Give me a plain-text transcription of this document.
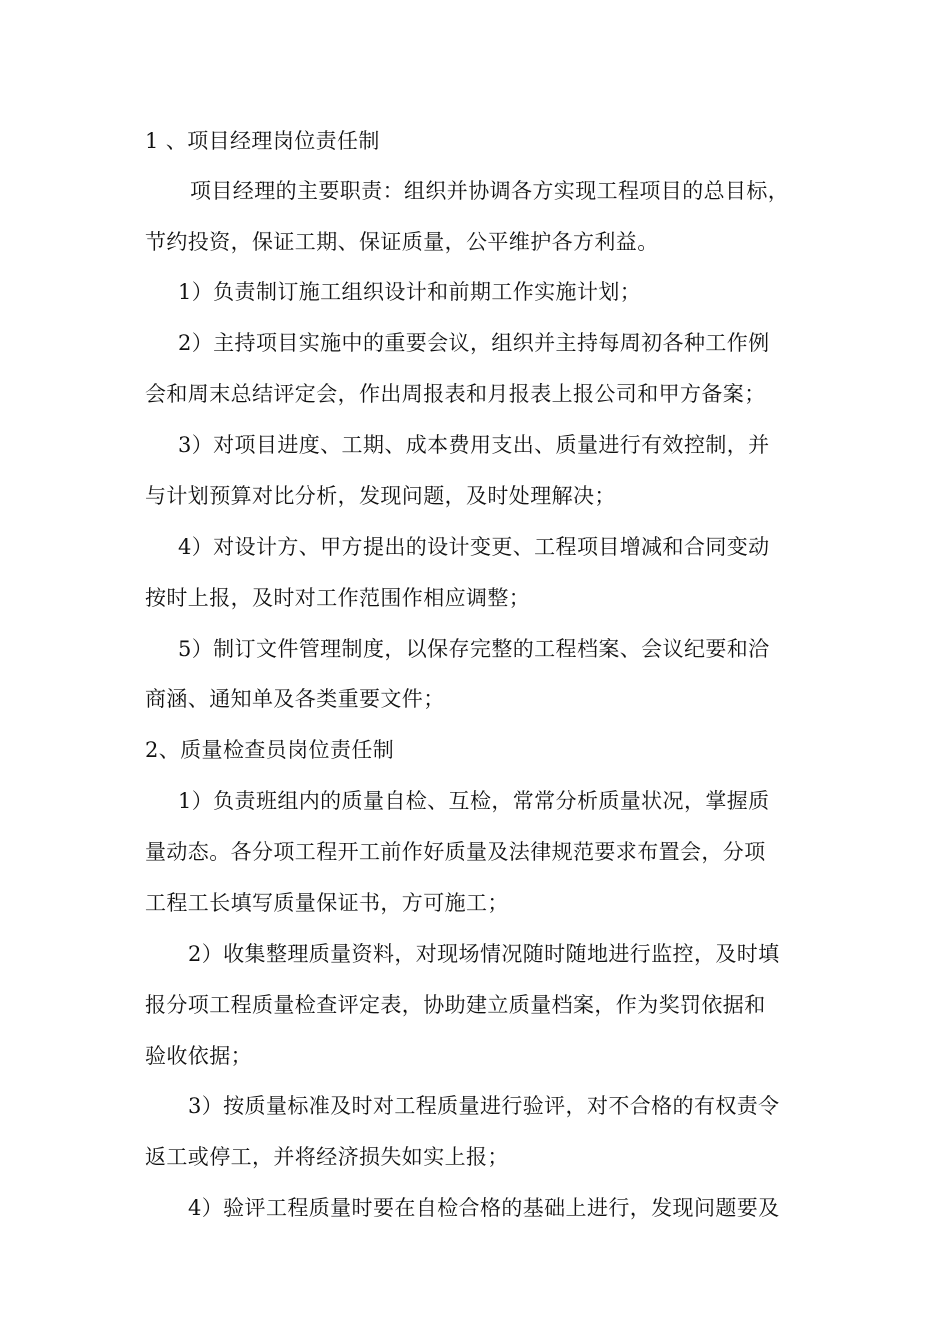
1 、项目经理岗位责任制
项目经理的主要职责：组织并协调各方实现工程项目的总目标，
节约投资，保证工期、保证质量，公平维护各方利益。
1）负责制订施工组织设计和前期工作实施计划；
2）主持项目实施中的重要会议，组织并主持每周初各种工作例
会和周末总结评定会，作出周报表和月报表上报公司和甲方备案；
3）对项目进度、工期、成本费用支出、质量进行有效控制，并
与计划预算对比分析，发现问题，及时处理解决；
4）对设计方、甲方提出的设计变更、工程项目增减和合同变动
按时上报，及时对工作范围作相应调整；
5）制订文件管理制度，以保存完整的工程档案、会议纪要和洽
商涵、通知单及各类重要文件；
2、质量检查员岗位责任制
1）负责班组内的质量自检、互检，常常分析质量状况，掌握质
量动态。各分项工程开工前作好质量及法律规范要求布置会，分项
工程工长填写质量保证书，方可施工；
2）收集整理质量资料，对现场情况随时随地进行监控，及时填
报分项工程质量检查评定表，协助建立质量档案，作为奖罚依据和
验收依据；
3）按质量标准及时对工程质量进行验评，对不合格的有权责令
返工或停工，并将经济损失如实上报；
4）验评工程质量时要在自检合格的基础上进行，发现问题要及
